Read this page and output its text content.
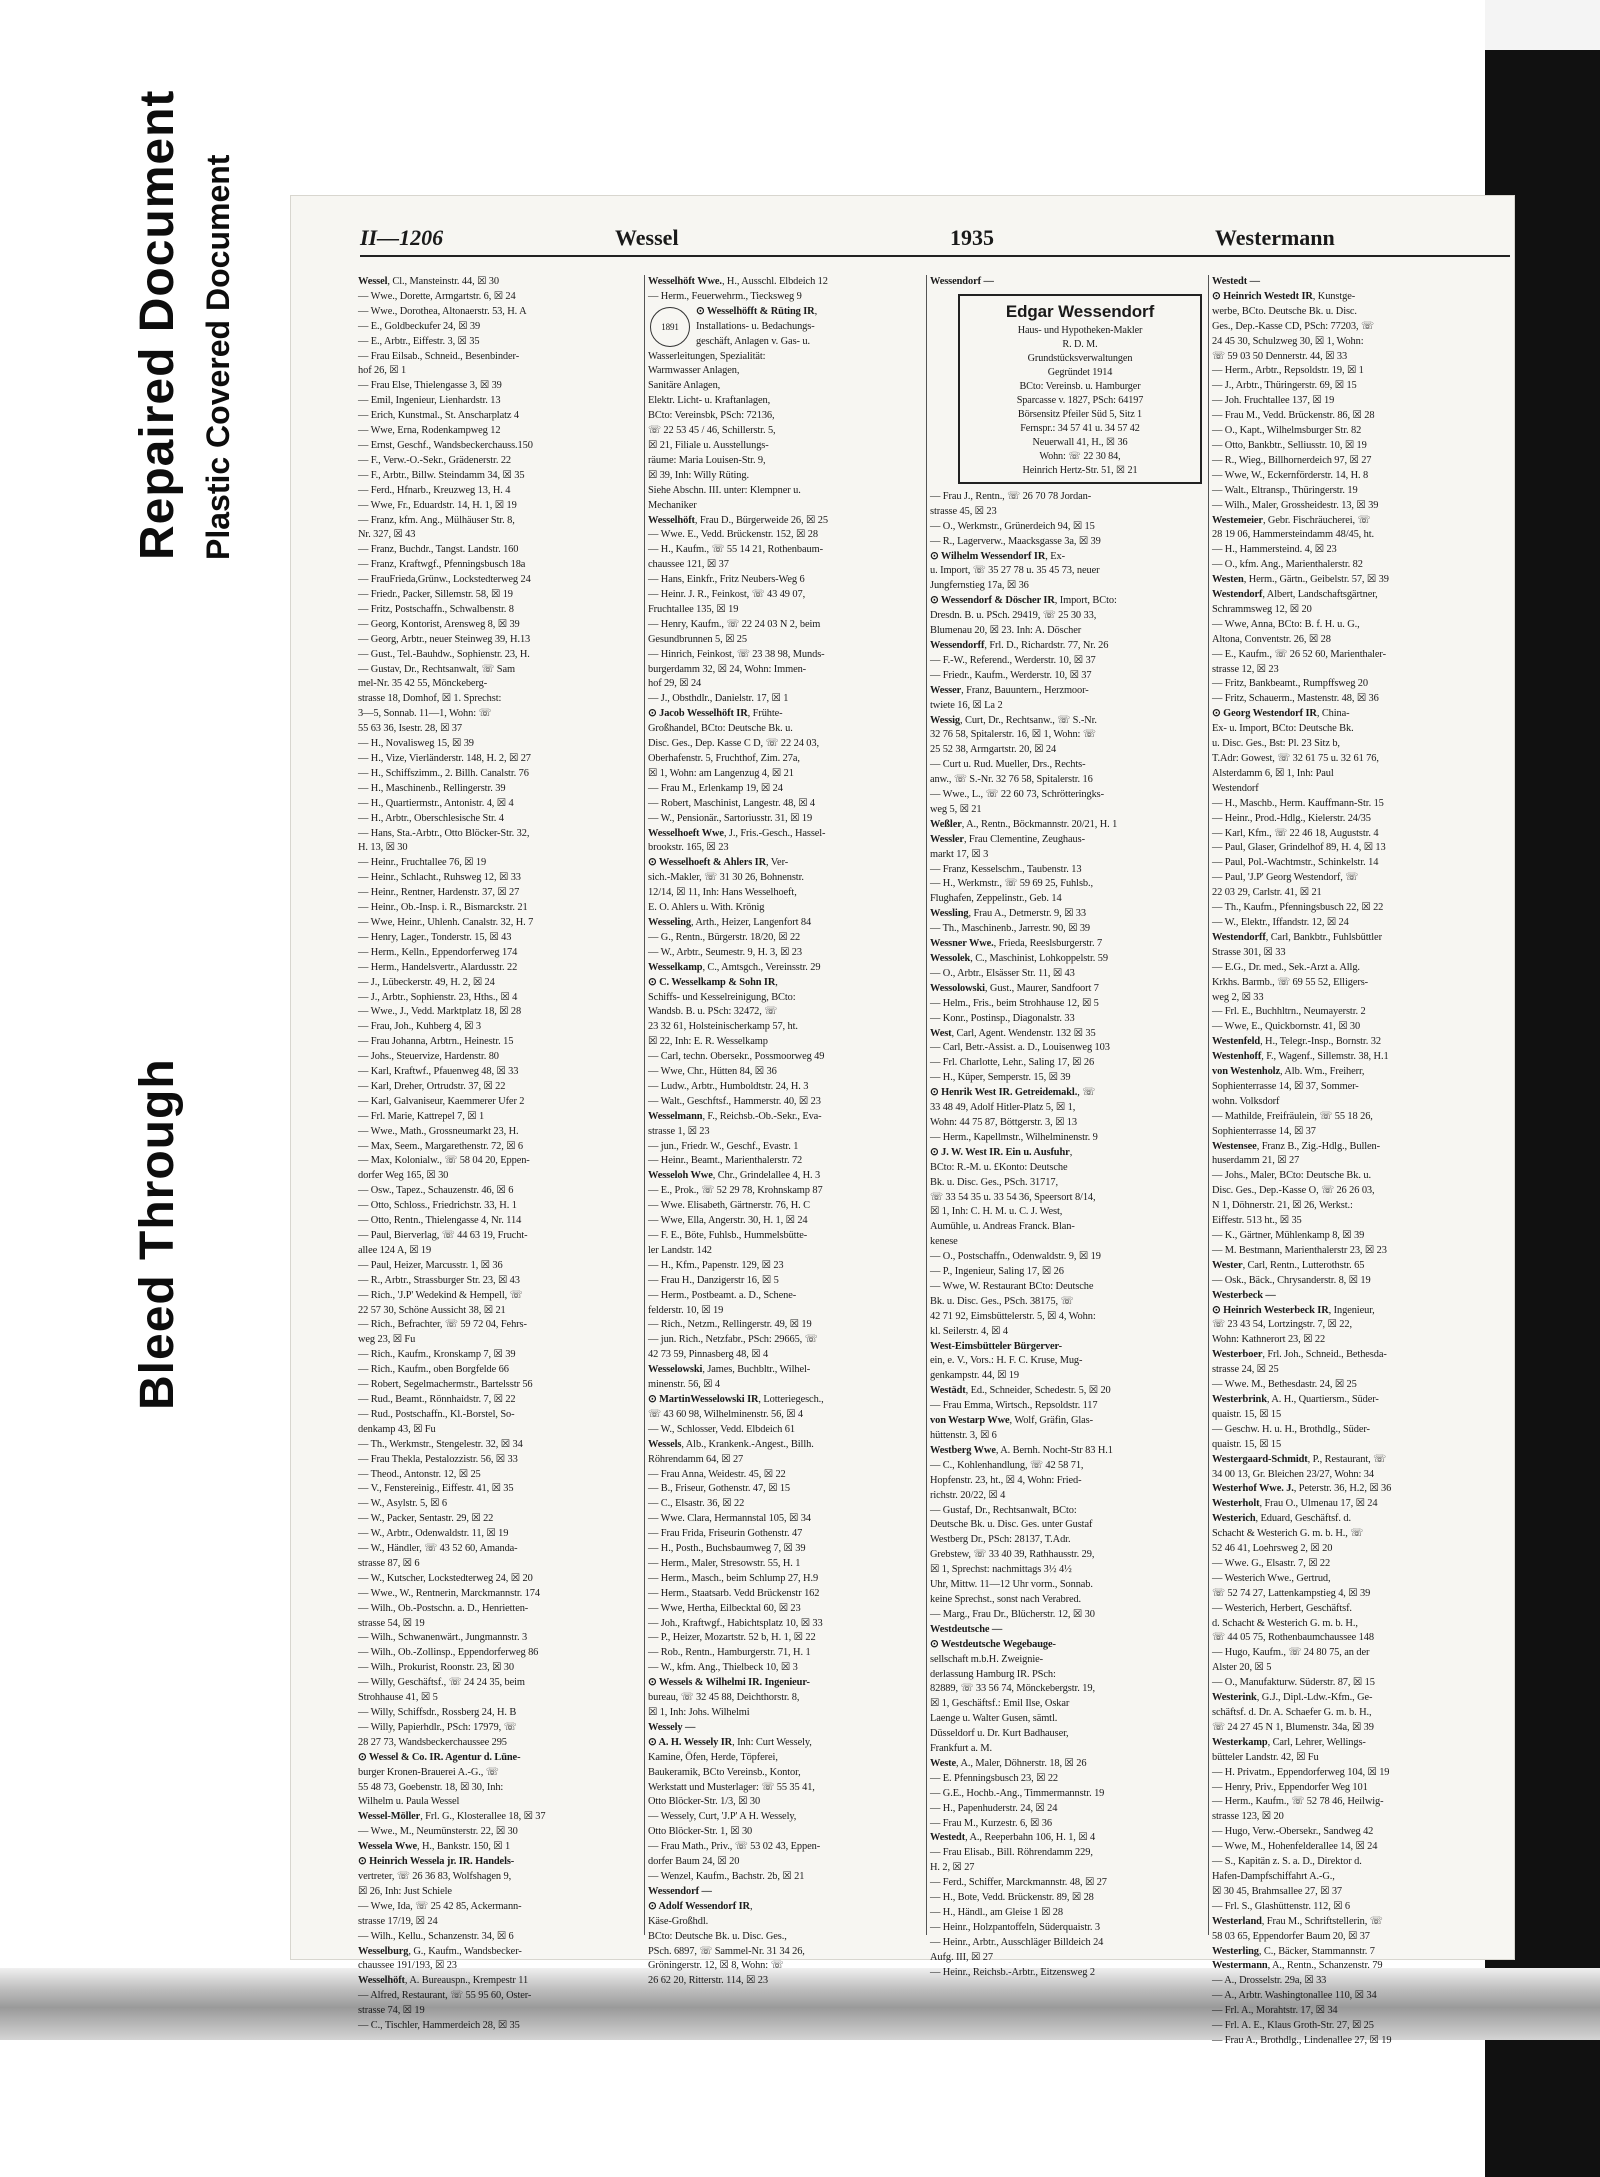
Bleed Through
Repaired Document Plastic Covered Document	II—1206	Wessel	1935	Westermann
Wessel, Cl., Mansteinstr. 44, ☒ 30
— Wwe., Dorette, Armgartstr. 6, ☒ 24
— Wwe., Dorothea, Altonaerstr. 53, H. A
— E., Goldbeckufer 24, ☒ 39
— E., Arbtr., Eiffestr. 3, ☒ 35
— Frau Eilsab., Schneid., Besenbinder-
hof 26, ☒ 1
— Frau Else, Thielengasse 3, ☒ 39
— Emil, Ingenieur, Lienhardstr. 13
— Erich, Kunstmal., St. Anscharplatz 4
— Wwe, Erna, Rodenkampweg 12
— Ernst, Geschf., Wandsbeckerchauss.150
— F., Verw.-O.-Sekr., Grädenerstr. 22
— F., Arbtr., Billw. Steindamm 34, ☒ 35
— Ferd., Hfnarb., Kreuzweg 13, H. 4
— Wwe, Fr., Eduardstr. 14, H. 1, ☒ 19
— Franz, kfm. Ang., Mülhäuser Str. 8,
Nr. 327, ☒ 43
— Franz, Buchdr., Tangst. Landstr. 160
— Franz, Kraftwgf., Pfenningsbusch 18a
— FrauFrieda,Grünw., Lockstedterweg 24
— Friedr., Packer, Sillemstr. 58, ☒ 19
— Fritz, Postschaffn., Schwalbenstr. 8
— Georg, Kontorist, Arensweg 8, ☒ 39
— Georg, Arbtr., neuer Steinweg 39, H.13
— Gust., Tel.-Bauhdw., Sophienstr. 23, H.
— Gustav, Dr., Rechtsanwalt, ☏ Sam
mel-Nr. 35 42 55, Mönckeberg-
strasse 18, Domhof, ☒ 1. Sprechst:
3—5, Sonnab. 11—1, Wohn: ☏
55 63 36, Isestr. 28, ☒ 37
— H., Novalisweg 15, ☒ 39
— H., Vize, Vierländerstr. 148, H. 2, ☒ 27
— H., Schiffszimm., 2. Billh. Canalstr. 76
— H., Maschinenb., Rellingerstr. 39
— H., Quartiermstr., Antonistr. 4, ☒ 4
— H., Arbtr., Oberschlesische Str. 4
— Hans, Sta.-Arbtr., Otto Blöcker-Str. 32,
H. 13, ☒ 30
— Heinr., Fruchtallee 76, ☒ 19
— Heinr., Schlacht., Ruhsweg 12, ☒ 33
— Heinr., Rentner, Hardenstr. 37, ☒ 27
— Heinr., Ob.-Insp. i. R., Bismarckstr. 21
— Wwe, Heinr., Uhlenh. Canalstr. 32, H. 7
— Henry, Lager., Tonderstr. 15, ☒ 43
— Herm., Kelln., Eppendorferweg 174
— Herm., Handelsvertr., Alardusstr. 22
— J., Lübeckerstr. 49, H. 2, ☒ 24
— J., Arbtr., Sophienstr. 23, Hths., ☒ 4
— Wwe., J., Vedd. Marktplatz 18, ☒ 28
— Frau, Joh., Kuhberg 4, ☒ 3
— Frau Johanna, Arbtrn., Heinestr. 15
— Johs., Steuervize, Hardenstr. 80
— Karl, Kraftwf., Pfauenweg 48, ☒ 33
— Karl, Dreher, Ortrudstr. 37, ☒ 22
— Karl, Galvaniseur, Kaemmerer Ufer 2
— Frl. Marie, Kattrepel 7, ☒ 1
— Wwe., Math., Grossneumarkt 23, H.
— Max, Seem., Margarethenstr. 72, ☒ 6
— Max, Kolonialw., ☏ 58 04 20, Eppen-
dorfer Weg 165, ☒ 30
— Osw., Tapez., Schauzenstr. 46, ☒ 6
— Otto, Schloss., Friedrichstr. 33, H. 1
— Otto, Rentn., Thielengasse 4, Nr. 114
— Paul, Bierverlag, ☏ 44 63 19, Frucht-
allee 124 A, ☒ 19
— Paul, Heizer, Marcusstr. 1, ☒ 36
— R., Arbtr., Strassburger Str. 23, ☒ 43
— Rich., 'J.P' Wedekind & Hempell, ☏
22 57 30, Schöne Aussicht 38, ☒ 21
— Rich., Befrachter, ☏ 59 72 04, Fehrs-
weg 23, ☒ Fu
— Rich., Kaufm., Kronskamp 7, ☒ 39
— Rich., Kaufm., oben Borgfelde 66
— Robert, Segelmachermstr., Bartelsstr 56
— Rud., Beamt., Rönnhaidstr. 7, ☒ 22
— Rud., Postschaffn., Kl.-Borstel, So-
denkamp 43, ☒ Fu
— Th., Werkmstr., Stengelestr. 32, ☒ 34
— Frau Thekla, Pestalozzistr. 56, ☒ 33
— Theod., Antonstr. 12, ☒ 25
— V., Fenstereinig., Eiffestr. 41, ☒ 35
— W., Asylstr. 5, ☒ 6
— W., Packer, Sentastr. 29, ☒ 22
— W., Arbtr., Odenwaldstr. 11, ☒ 19
— W., Händler, ☏ 43 52 60, Amanda-
strasse 87, ☒ 6
— W., Kutscher, Lockstedterweg 24, ☒ 20
— Wwe., W., Rentnerin, Marckmannstr. 174
— Wilh., Ob.-Postschn. a. D., Henrietten-
strasse 54, ☒ 19
— Wilh., Schwanenwärt., Jungmannstr. 3
— Wilh., Ob.-Zollinsp., Eppendorferweg 86
— Wilh., Prokurist, Roonstr. 23, ☒ 30
— Willy, Geschäftsf., ☏ 24 24 35, beim
Strohhause 41, ☒ 5
— Willy, Schiffsdr., Rossberg 24, H. B
— Willy, Papierhdlr., PSch: 17979, ☏
28 27 73, Wandsbeckerchaussee 295
⊙ Wessel & Co. IR. Agentur d. Lüne-
burger Kronen-Brauerei A.-G., ☏
55 48 73, Goebenstr. 18, ☒ 30, Inh:
Wilhelm u. Paula Wessel
Wessel-Möller, Frl. G., Klosterallee 18, ☒ 37
— Wwe., M., Neumünsterstr. 22, ☒ 30
Wessela Wwe, H., Bankstr. 150, ☒ 1
⊙ Heinrich Wessela jr. IR. Handels-
vertreter, ☏ 26 36 83, Wolfshagen 9,
☒ 26, Inh: Just Schiele
— Wwe, Ida, ☏ 25 42 85, Ackermann-
strasse 17/19, ☒ 24
— Wilh., Kellu., Schanzenstr. 34, ☒ 6
Wesselburg, G., Kaufm., Wandsbecker-
chaussee 191/193, ☒ 23
Wesselhöft, A. Bureauspn., Krempestr 11
— Alfred, Restaurant, ☏ 55 95 60, Oster-
strasse 74, ☒ 19
— C., Tischler, Hammerdeich 28, ☒ 35
Wesselhöft Wwe., H., Ausschl. Elbdeich 12
— Herm., Feuerwehrm., Tiecksweg 9
1891
⊙ Wesselhöfft & Rüting IR,
Installations- u. Bedachungs-
geschäft, Anlagen v. Gas- u.
Wasserleitungen, Spezialität:
Warmwasser Anlagen,
Sanitäre Anlagen,
Elektr. Licht- u. Kraftanlagen,
BCto: Vereinsbk, PSch: 72136,
☏ 22 53 45 / 46, Schillerstr. 5,
☒ 21, Filiale u. Ausstellungs-
räume: Maria Louisen-Str. 9,
☒ 39, Inh: Willy Rüting.
Siehe Abschn. III. unter: Klempner u.
Mechaniker
Wesselhöft, Frau D., Bürgerweide 26, ☒ 25
— Wwe. E., Vedd. Brückenstr. 152, ☒ 28
— H., Kaufm., ☏ 55 14 21, Rothenbaum-
chaussee 121, ☒ 37
— Hans, Einkfr., Fritz Neubers-Weg 6
— Heinr. J. R., Feinkost, ☏ 43 49 07,
Fruchtallee 135, ☒ 19
— Henry, Kaufm., ☏ 22 24 03 N 2, beim
Gesundbrunnen 5, ☒ 25
— Hinrich, Feinkost, ☏ 23 38 98, Munds-
burgerdamm 32, ☒ 24, Wohn: Immen-
hof 29, ☒ 24
— J., Obsthdlr., Danielstr. 17, ☒ 1
⊙ Jacob Wesselhöft IR, Frühte-
Großhandel, BCto: Deutsche Bk. u.
Disc. Ges., Dep. Kasse C D, ☏ 22 24 03,
Oberhafenstr. 5, Fruchthof, Zim. 27a,
☒ 1, Wohn: am Langenzug 4, ☒ 21
— Frau M., Erlenkamp 19, ☒ 24
— Robert, Maschinist, Langestr. 48, ☒ 4
— W., Pensionär., Sartoriusstr. 31, ☒ 19
Wesselhoeft Wwe, J., Fris.-Gesch., Hassel-
brookstr. 165, ☒ 23
⊙ Wesselhoeft & Ahlers IR, Ver-
sich.-Makler, ☏ 31 30 26, Bohnenstr.
12/14, ☒ 11, Inh: Hans Wesselhoeft,
E. O. Ahlers u. With. Krönig
Wesseling, Arth., Heizer, Langenfort 84
— G., Rentn., Bürgerstr. 18/20, ☒ 22
— W., Arbtr., Seumestr. 9, H. 3, ☒ 23
Wesselkamp, C., Amtsgch., Vereinsstr. 29
⊙ C. Wesselkamp & Sohn IR,
Schiffs- und Kesselreinigung, BCto:
Wandsb. B. u. PSch: 32472, ☏
23 32 61, Holsteinischerkamp 57, ht.
☒ 22, Inh: E. R. Wesselkamp
— Carl, techn. Obersekr., Possmoorweg 49
— Wwe, Chr., Hütten 84, ☒ 36
— Ludw., Arbtr., Humboldtstr. 24, H. 3
— Walt., Geschftsf., Hammerstr. 40, ☒ 23
Wesselmann, F., Reichsb.-Ob.-Sekr., Eva-
strasse 1, ☒ 23
— jun., Friedr. W., Geschf., Evastr. 1
— Heinr., Beamt., Marienthalerstr. 72
Wesseloh Wwe, Chr., Grindelallee 4, H. 3
— E., Prok., ☏ 52 29 78, Krohnskamp 87
— Wwe. Elisabeth, Gärtnerstr. 76, H. C
— Wwe, Ella, Angerstr. 30, H. 1, ☒ 24
— F. E., Böte, Fuhlsb., Hummelsbütte-
ler Landstr. 142
— H., Kfm., Papenstr. 129, ☒ 23
— Frau H., Danzigerstr 16, ☒ 5
— Herm., Postbeamt. a. D., Schene-
felderstr. 10, ☒ 19
— Rich., Netzm., Rellingerstr. 49, ☒ 19
— jun. Rich., Netzfabr., PSch: 29665, ☏
42 73 59, Pinnasberg 48, ☒ 4
Wesselowski, James, Buchbltr., Wilhel-
minenstr. 56, ☒ 4
⊙ MartinWesselowski IR, Lotteriegesch.,
☏ 43 60 98, Wilhelminenstr. 56, ☒ 4
— W., Schlosser, Vedd. Elbdeich 61
Wessels, Alb., Krankenk.-Angest., Billh.
Röhrendamm 64, ☒ 27
— Frau Anna, Weidestr. 45, ☒ 22
— B., Friseur, Gothenstr. 47, ☒ 15
— C., Elsastr. 36, ☒ 22
— Wwe. Clara, Hermannstal 105, ☒ 34
— Frau Frida, Friseurin Gothenstr. 47
— H., Posth., Buchsbaumweg 7, ☒ 39
— Herm., Maler, Stresowstr. 55, H. 1
— Herm., Masch., beim Schlump 27, H.9
— Herm., Staatsarb. Vedd Brückenstr 162
— Wwe, Hertha, Eilbecktal 60, ☒ 23
— Joh., Kraftwgf., Habichtsplatz 10, ☒ 33
— P., Heizer, Mozartstr. 52 b, H. 1, ☒ 22
— Rob., Rentn., Hamburgerstr. 71, H. 1
— W., kfm. Ang., Thielbeck 10, ☒ 3
⊙ Wessels & Wilhelmi IR. Ingenieur-
bureau, ☏ 32 45 88, Deichthorstr. 8,
☒ 1, Inh: Johs. Wilhelmi
Wessely —
⊙ A. H. Wessely IR, Inh: Curt Wessely,
Kamine, Öfen, Herde, Töpferei,
Baukeramik, BCto Vereinsb., Kontor,
Werkstatt und Musterlager: ☏ 55 35 41,
Otto Blöcker-Str. 1/3, ☒ 30
— Wessely, Curt, 'J.P' A H. Wessely,
Otto Blöcker-Str. 1, ☒ 30
— Frau Math., Priv., ☏ 53 02 43, Eppen-
dorfer Baum 24, ☒ 20
— Wenzel, Kaufm., Bachstr. 2b, ☒ 21
Wessendorf —
⊙ Adolf Wessendorf IR,
Käse-Großhdl.
BCto: Deutsche Bk. u. Disc. Ges.,
PSch. 6897, ☏ Sammel-Nr. 31 34 26,
Gröningerstr. 12, ☒ 8, Wohn: ☏
26 62 20, Ritterstr. 114, ☒ 23
Wessendorf —
Edgar Wessendorf
Haus- und Hypotheken-Makler
R. D. M.
Grundstücksverwaltungen
Gegründet 1914
BCto: Vereinsb. u. Hamburger
Sparcasse v. 1827, PSch: 64197
Börsensitz Pfeiler Süd 5, Sitz 1
Fernspr.: 34 57 41 u. 34 57 42
Neuerwall 41, H., ☒ 36
Wohn: ☏ 22 30 84,
Heinrich Hertz-Str. 51, ☒ 21
— Frau J., Rentn., ☏ 26 70 78 Jordan-
strasse 45, ☒ 23
— O., Werkmstr., Grünerdeich 94, ☒ 15
— R., Lagerverw., Maacksgasse 3a, ☒ 39
⊙ Wilhelm Wessendorf IR, Ex-
u. Import, ☏ 35 27 78 u. 35 45 73, neuer
Jungfernstieg 17a, ☒ 36
⊙ Wessendorf & Döscher IR, Import, BCto:
Dresdn. B. u. PSch. 29419, ☏ 25 30 33,
Blumenau 20, ☒ 23. Inh: A. Döscher
Wessendorff, Frl. D., Richardstr. 77, Nr. 26
— F.-W., Referend., Werderstr. 10, ☒ 37
— Friedr., Kaufm., Werderstr. 10, ☒ 37
Wesser, Franz, Bauuntern., Herzmoor-
twiete 16, ☒ La 2
Wessig, Curt, Dr., Rechtsanw., ☏ S.-Nr.
32 76 58, Spitalerstr. 16, ☒ 1, Wohn: ☏
25 52 38, Armgartstr. 20, ☒ 24
— Curt u. Rud. Mueller, Drs., Rechts-
anw., ☏ S.-Nr. 32 76 58, Spitalerstr. 16
— Wwe., L., ☏ 22 60 73, Schrötteringks-
weg 5, ☒ 21
Weßler, A., Rentn., Böckmannstr. 20/21, H. 1
Wessler, Frau Clementine, Zeughaus-
markt 17, ☒ 3
— Franz, Kesselschm., Taubenstr. 13
— H., Werkmstr., ☏ 59 69 25, Fuhlsb.,
Flughafen, Zeppelinstr., Geb. 14
Wessling, Frau A., Detmerstr. 9, ☒ 33
— Th., Maschinenb., Jarrestr. 90, ☒ 39
Wessner Wwe., Frieda, Reeslsburgerstr. 7
Wessolek, C., Maschinist, Lohkoppelstr. 59
— O., Arbtr., Elsässer Str. 11, ☒ 43
Wessolowski, Gust., Maurer, Sandfoort 7
— Helm., Fris., beim Strohhause 12, ☒ 5
— Konr., Postinsp., Diagonalstr. 33
West, Carl, Agent. Wendenstr. 132 ☒ 35
— Carl, Betr.-Assist. a. D., Louisenweg 103
— Frl. Charlotte, Lehr., Saling 17, ☒ 26
— H., Küper, Semperstr. 15, ☒ 39
⊙ Henrik West IR. Getreidemakl., ☏
33 48 49, Adolf Hitler-Platz 5, ☒ 1,
Wohn: 44 75 87, Böttgerstr. 3, ☒ 13
— Herm., Kapellmstr., Wilhelminenstr. 9
⊙ J. W. West IR. Ein u. Ausfuhr,
BCto: R.-M. u. £Konto: Deutsche
Bk. u. Disc. Ges., PSch. 31717,
☏ 33 54 35 u. 33 54 36, Speersort 8/14,
☒ 1, Inh: C. H. M. u. C. J. West,
Aumühle, u. Andreas Franck. Blan-
kenese
— O., Postschaffn., Odenwaldstr. 9, ☒ 19
— P., Ingenieur, Saling 17, ☒ 26
— Wwe, W. Restaurant BCto: Deutsche
Bk. u. Disc. Ges., PSch. 38175, ☏
42 71 92, Eimsbüttelerstr. 5, ☒ 4, Wohn:
kl. Seilerstr. 4, ☒ 4
West-Eimsbütteler Bürgerver-
ein, e. V., Vors.: H. F. C. Kruse, Mug-
genkampstr. 44, ☒ 19
Westädt, Ed., Schneider, Schedestr. 5, ☒ 20
— Frau Emma, Wirtsch., Repsoldstr. 117
von Westarp Wwe, Wolf, Gräfin, Glas-
hüttenstr. 3, ☒ 6
Westberg Wwe, A. Bernh. Nocht-Str 83 H.1
— C., Kohlenhandlung, ☏ 42 58 71,
Hopfenstr. 23, ht., ☒ 4, Wohn: Fried-
richstr. 20/22, ☒ 4
— Gustaf, Dr., Rechtsanwalt, BCto:
Deutsche Bk. u. Disc. Ges. unter Gustaf
Westberg Dr., PSch: 28137, T.Adr.
Grebstew, ☏ 33 40 39, Rathhausstr. 29,
☒ 1, Sprechst: nachmittags 3½ 4½
Uhr, Mittw. 11—12 Uhr vorm., Sonnab.
keine Sprechst., sonst nach Verabred.
— Marg., Frau Dr., Blücherstr. 12, ☒ 30
Westdeutsche —
⊙ Westdeutsche Wegebauge-
sellschaft m.b.H. Zweignie-
derlassung Hamburg IR. PSch:
82889, ☏ 33 56 74, Mönckebergstr. 19,
☒ 1, Geschäftsf.: Emil Ilse, Oskar
Laenge u. Walter Gusen, sämtl.
Düsseldorf u. Dr. Kurt Badhauser,
Frankfurt a. M.
Weste, A., Maler, Döhnerstr. 18, ☒ 26
— E. Pfenningsbusch 23, ☒ 22
— G.E., Hochb.-Ang., Timmermannstr. 19
— H., Papenhuderstr. 24, ☒ 24
— Frau M., Kurzestr. 6, ☒ 36
Westedt, A., Reeperbahn 106, H. 1, ☒ 4
— Frau Elisab., Bill. Röhrendamm 229,
H. 2, ☒ 27
— Ferd., Schiffer, Marckmannstr. 48, ☒ 27
— H., Bote, Vedd. Brückenstr. 89, ☒ 28
— H., Händl., am Gleise 1 ☒ 28
— Heinr., Holzpantoffeln, Süderquaistr. 3
— Heinr., Arbtr., Ausschläger Billdeich 24
Aufg. III, ☒ 27
— Heinr., Reichsb.-Arbtr., Eitzensweg 2
Westedt —
⊙ Heinrich Westedt IR, Kunstge-
werbe, BCto. Deutsche Bk. u. Disc.
Ges., Dep.-Kasse CD, PSch: 77203, ☏
24 45 30, Schulzweg 30, ☒ 1, Wohn:
☏ 59 03 50 Dennerstr. 44, ☒ 33
— Herm., Arbtr., Repsoldstr. 19, ☒ 1
— J., Arbtr., Thüringerstr. 69, ☒ 15
— Joh. Fruchtallee 137, ☒ 19
— Frau M., Vedd. Brückenstr. 86, ☒ 28
— O., Kapt., Wilhelmsburger Str. 82
— Otto, Bankbtr., Selliusstr. 10, ☒ 19
— R., Wieg., Billhornerdeich 97, ☒ 27
— Wwe, W., Eckernförderstr. 14, H. 8
— Walt., Eltransp., Thüringerstr. 19
— Wilh., Maler, Grossheidestr. 13, ☒ 39
Westemeier, Gebr. Fischräucherei, ☏
28 19 06, Hammersteindamm 48/45, ht.
— H., Hammersteind. 4, ☒ 23
— O., kfm. Ang., Marienthalerstr. 82
Westen, Herm., Gärtn., Geibelstr. 57, ☒ 39
Westendorf, Albert, Landschaftsgärtner,
Schrammsweg 12, ☒ 20
— Wwe, Anna, BCto: B. f. H. u. G.,
Altona, Conventstr. 26, ☒ 28
— E., Kaufm., ☏ 26 52 60, Marienthaler-
strasse 12, ☒ 23
— Fritz, Bankbeamt., Rumpffsweg 20
— Fritz, Schauerm., Mastenstr. 48, ☒ 36
⊙ Georg Westendorf IR, China-
Ex- u. Import, BCto: Deutsche Bk.
u. Disc. Ges., Bst: Pl. 23 Sitz b,
T.Adr: Gowest, ☏ 32 61 75 u. 32 61 76,
Alsterdamm 6, ☒ 1, Inh: Paul
Westendorf
— H., Maschb., Herm. Kauffmann-Str. 15
— Heinr., Prod.-Hdlg., Kielerstr. 24/35
— Karl, Kfm., ☏ 22 46 18, Auguststr. 4
— Paul, Glaser, Grindelhof 89, H. 4, ☒ 13
— Paul, Pol.-Wachtmstr., Schinkelstr. 14
— Paul, 'J.P' Georg Westendorf, ☏
22 03 29, Carlstr. 41, ☒ 21
— Th., Kaufm., Pfenningsbusch 22, ☒ 22
— W., Elektr., Iffandstr. 12, ☒ 24
Westendorff, Carl, Bankbtr., Fuhlsbüttler
Strasse 301, ☒ 33
— E.G., Dr. med., Sek.-Arzt a. Allg.
Krkhs. Barmb., ☏ 69 55 52, Elligers-
weg 2, ☒ 33
— Frl. E., Buchhltrn., Neumayerstr. 2
— Wwe, E., Quickbornstr. 41, ☒ 30
Westenfeld, H., Telegr.-Insp., Bornstr. 32
Westenhoff, F., Wagenf., Sillemstr. 38, H.1
von Westenholz, Alb. Wm., Freiherr,
Sophienterrasse 14, ☒ 37, Sommer-
wohn. Volksdorf
— Mathilde, Freifräulein, ☏ 55 18 26,
Sophienterrasse 14, ☒ 37
Westensee, Franz B., Zig.-Hdlg., Bullen-
huserdamm 21, ☒ 27
— Johs., Maler, BCto: Deutsche Bk. u.
Disc. Ges., Dep.-Kasse O, ☏ 26 26 03,
N 1, Döhnerstr. 21, ☒ 26, Werkst.:
Eiffestr. 513 ht., ☒ 35
— K., Gärtner, Mühlenkamp 8, ☒ 39
— M. Bestmann, Marienthalerstr 23, ☒ 23
Wester, Carl, Rentn., Lutterothstr. 65
— Osk., Bäck., Chrysanderstr. 8, ☒ 19
Westerbeck —
⊙ Heinrich Westerbeck IR, Ingenieur,
☏ 23 43 54, Lortzingstr. 7, ☒ 22,
Wohn: Kathnerort 23, ☒ 22
Westerboer, Frl. Joh., Schneid., Bethesda-
strasse 24, ☒ 25
— Wwe. M., Bethesdastr. 24, ☒ 25
Westerbrink, A. H., Quartiersm., Süder-
quaistr. 15, ☒ 15
— Geschw. H. u. H., Brothdlg., Süder-
quaistr. 15, ☒ 15
Westergaard-Schmidt, P., Restaurant, ☏
34 00 13, Gr. Bleichen 23/27, Wohn: 34
Westerhof Wwe. J., Peterstr. 36, H.2, ☒ 36
Westerholt, Frau O., Ulmenau 17, ☒ 24
Westerich, Eduard, Geschäftsf. d.
Schacht & Westerich G. m. b. H., ☏
52 46 41, Loehrsweg 2, ☒ 20
— Wwe. G., Elsastr. 7, ☒ 22
— Westerich Wwe., Gertrud,
☏ 52 74 27, Lattenkampstieg 4, ☒ 39
— Westerich, Herbert, Geschäftsf.
d. Schacht & Westerich G. m. b. H.,
☏ 44 05 75, Rothenbaumchaussee 148
— Hugo, Kaufm., ☏ 24 80 75, an der
Alster 20, ☒ 5
— O., Manufakturw. Süderstr. 87, ☒ 15
Westerink, G.J., Dipl.-Ldw.-Kfm., Ge-
schäftsf. d. Dr. A. Schaefer G. m. b. H.,
☏ 24 27 45 N 1, Blumenstr. 34a, ☒ 39
Westerkamp, Carl, Lehrer, Wellings-
bütteler Landstr. 42, ☒ Fu
— H. Privatm., Eppendorferweg 104, ☒ 19
— Henry, Priv., Eppendorfer Weg 101
— Herm., Kaufm., ☏ 52 78 46, Heilwig-
strasse 123, ☒ 20
— Hugo, Verw.-Obersekr., Sandweg 42
— Wwe, M., Hohenfelderallee 14, ☒ 24
— S., Kapitän z. S. a. D., Direktor d.
Hafen-Dampfschiffahrt A.-G.,
☒ 30 45, Brahmsallee 27, ☒ 37
— Frl. S., Glashüttenstr. 112, ☒ 6
Westerland, Frau M., Schriftstellerin, ☏
58 03 65, Eppendorfer Baum 20, ☒ 37
Westerling, C., Bäcker, Stammannstr. 7
Westermann, A., Rentn., Schanzenstr. 79
— A., Drosselstr. 29a, ☒ 33
— A., Arbtr. Washingtonallee 110, ☒ 34
— Frl. A., Morahtstr. 17, ☒ 34
— Frl. A. E., Klaus Groth-Str. 27, ☒ 25
— Frau A., Brothdlg., Lindenallee 27, ☒ 19
